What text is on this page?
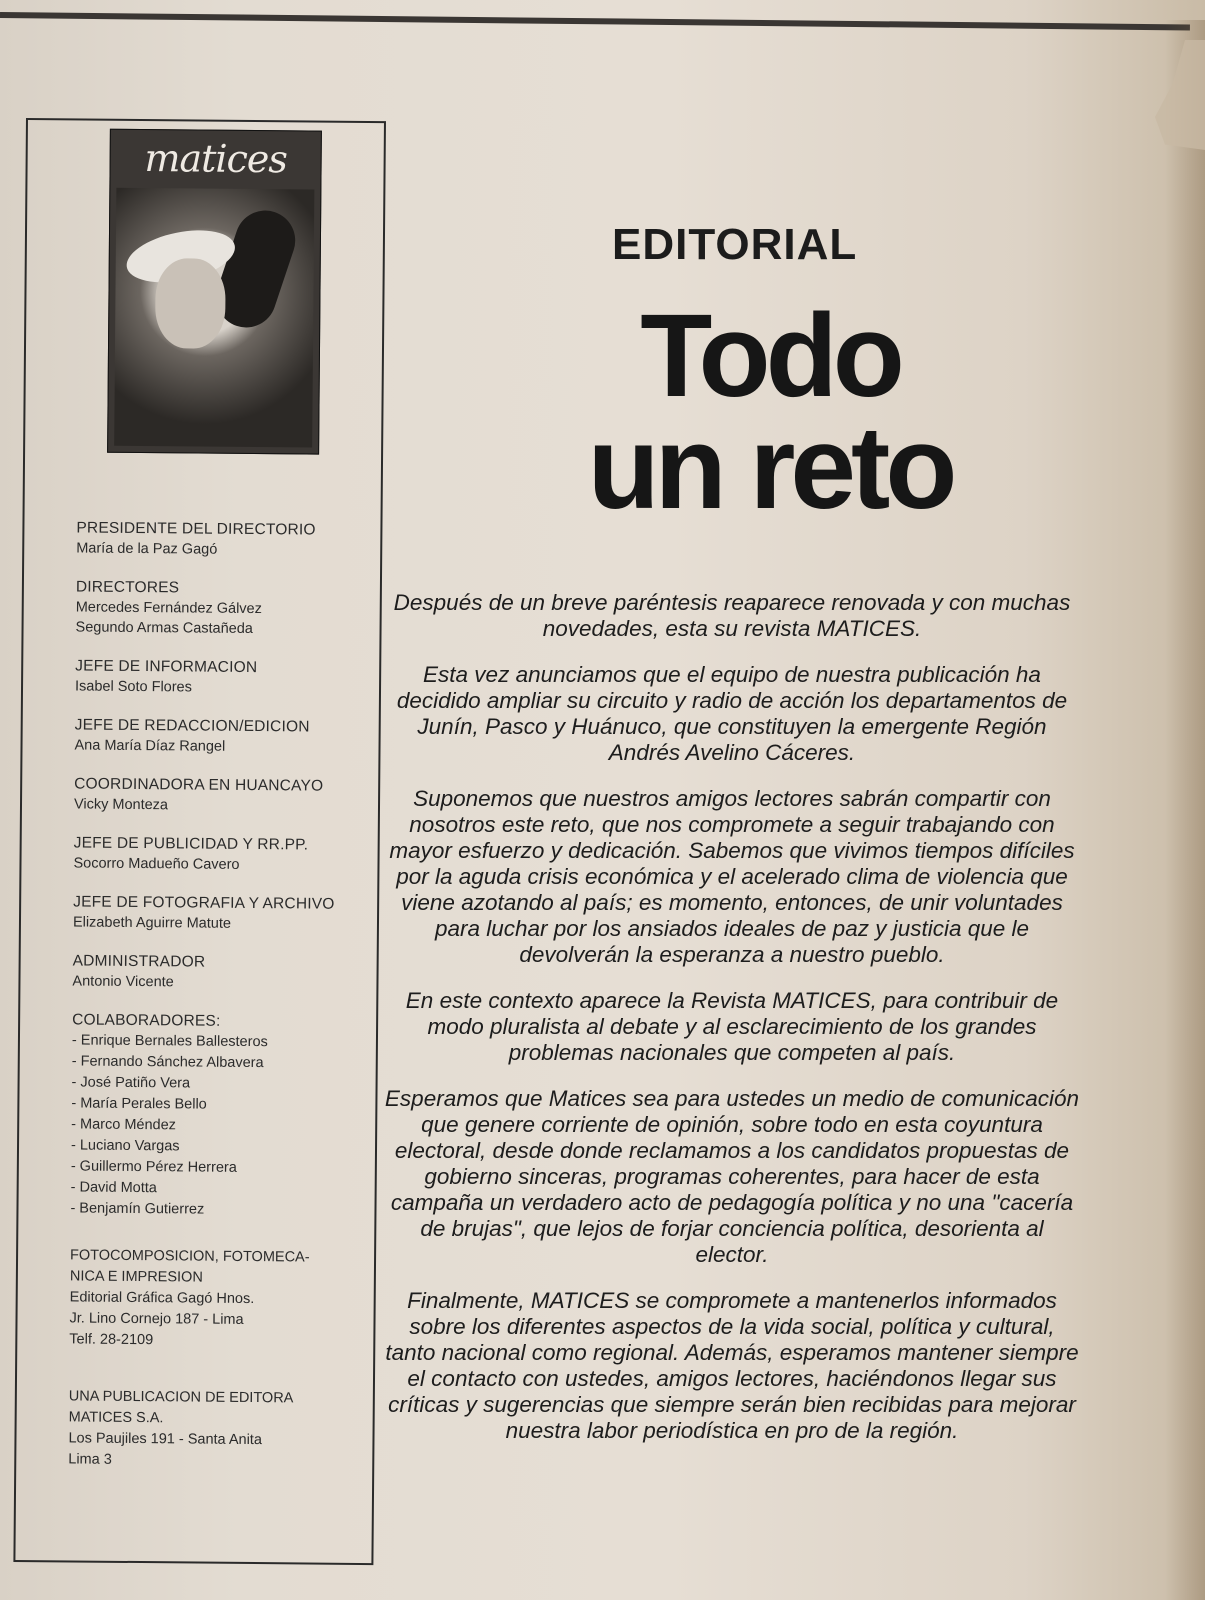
matices
PRESIDENTE DEL DIRECTORIO
María de la Paz Gagó
DIRECTORES
Mercedes Fernández Gálvez
Segundo Armas Castañeda
JEFE DE INFORMACION
Isabel Soto Flores
JEFE DE REDACCION/EDICION
Ana María Díaz Rangel
COORDINADORA EN HUANCAYO
Vicky Monteza
JEFE DE PUBLICIDAD Y RR.PP.
Socorro Madueño Cavero
JEFE DE FOTOGRAFIA Y ARCHIVO
Elizabeth Aguirre Matute
ADMINISTRADOR
Antonio Vicente
COLABORADORES:
- Enrique Bernales Ballesteros
- Fernando Sánchez Albavera
- José Patiño Vera
- María Perales Bello
- Marco Méndez
- Luciano Vargas
- Guillermo Pérez Herrera
- David Motta
- Benjamín Gutierrez
FOTOCOMPOSICION, FOTOMECA-
NICA E IMPRESION
Editorial Gráfica Gagó Hnos.
Jr. Lino Cornejo 187 - Lima
Telf. 28-2109
UNA PUBLICACION DE EDITORA
MATICES S.A.
Los Paujiles 191 - Santa Anita
Lima 3
EDITORIAL
Todo
un reto

Después de un breve paréntesis reaparece renovada y con muchas novedades, esta su revista MATICES.

Esta vez anunciamos que el equipo de nuestra publicación ha decidido ampliar su circuito y radio de acción los departamentos de Junín, Pasco y Huánuco, que constituyen la emergente Región Andrés Avelino Cáceres.

Suponemos que nuestros amigos lectores sabrán compartir con nosotros este reto, que nos compromete a seguir trabajando con mayor esfuerzo y dedicación. Sabemos que vivimos tiempos difíciles por la aguda crisis económica y el acelerado clima de violencia que viene azotando al país; es momento, entonces, de unir voluntades para luchar por los ansiados ideales de paz y justicia que le devolverán la esperanza a nuestro pueblo.

En este contexto aparece la Revista MATICES, para contribuir de modo pluralista al debate y al esclarecimiento de los grandes problemas nacionales que competen al país.

Esperamos que Matices sea para ustedes un medio de comunicación que genere corriente de opinión, sobre todo en esta coyuntura electoral, desde donde reclamamos a los candidatos propuestas de gobierno sinceras, programas coherentes, para hacer de esta campaña un verdadero acto de pedagogía política y no una "cacería de brujas", que lejos de forjar conciencia política, desorienta al elector.

Finalmente, MATICES se compromete a mantenerlos informados sobre los diferentes aspectos de la vida social, política y cultural, tanto nacional como regional. Además, esperamos mantener siempre el contacto con ustedes, amigos lectores, haciéndonos llegar sus críticas y sugerencias que siempre serán bien recibidas para mejorar nuestra labor periodística en pro de la región.
